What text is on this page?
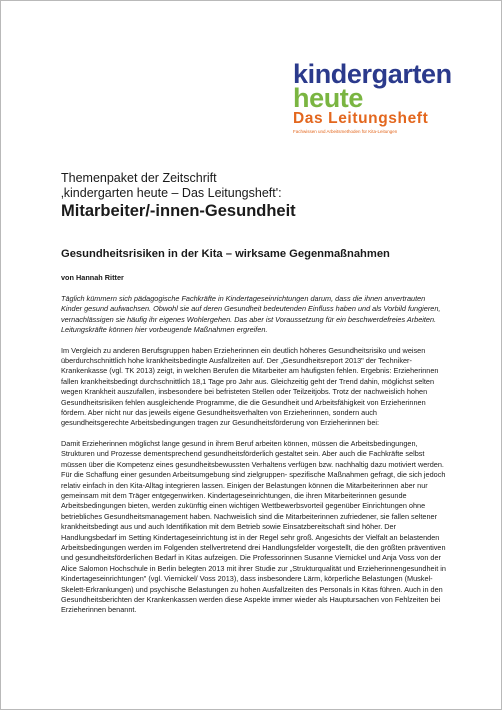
kindergarten
heute
Das Leitungsheft
Fachwissen und Arbeitsmethoden für Kita-Leitungen
Themenpaket der Zeitschrift
‚kindergarten heute – Das Leitungsheft':
Mitarbeiter/-innen-Gesundheit
Gesundheitsrisiken in der Kita – wirksame Gegenmaßnahmen
von Hannah Ritter

Täglich kümmern sich pädagogische Fachkräfte in Kindertageseinrichtungen darum, dass die ihnen anvertrauten Kinder gesund aufwachsen. Obwohl sie auf deren Gesundheit bedeutenden Einfluss haben und als Vorbild fungieren, vernachlässigen sie häufig ihr eigenes Wohlergehen. Das aber ist Voraussetzung für ein beschwerdefreies Arbeiten. Leitungskräfte können hier vorbeugende Maßnahmen ergreifen.

Im Vergleich zu anderen Berufsgruppen haben Erzieherinnen ein deutlich höheres Gesundheitsrisiko und weisen überdurchschnittlich hohe krankheitsbedingte Ausfallzeiten auf. Der „Gesundheitsreport 2013" der Techniker-Krankenkasse (vgl. TK 2013) zeigt, in welchen Berufen die Mitarbeiter am häufigsten fehlen. Ergebnis: Erzieherinnen fallen krankheitsbedingt durchschnittlich 18,1 Tage pro Jahr aus. Gleichzeitig geht der Trend dahin, möglichst selten wegen Krankheit auszufallen, insbesondere bei befristeten Stellen oder Teilzeitjobs. Trotz der nachweislich hohen Gesundheitsrisiken fehlen ausgleichende Programme, die die Gesundheit und Arbeitsfähigkeit von Erzieherinnen fördern. Aber nicht nur das jeweils eigene Gesundheitsverhalten von Erzieherinnen, sondern auch gesundheitsgerechte Arbeitsbedingungen tragen zur Gesundheitsförderung von Erzieherinnen bei:

Damit Erzieherinnen möglichst lange gesund in ihrem Beruf arbeiten können, müssen die Arbeitsbedingungen, Strukturen und Prozesse dementsprechend gesundheitsförderlich gestaltet sein. Aber auch die Fachkräfte selbst müssen über die Kompetenz eines gesundheitsbewussten Verhaltens verfügen bzw. nachhaltig dazu motiviert werden. Für die Schaffung einer gesunden Arbeitsumgebung sind zielgruppen- spezifische Maßnahmen gefragt, die sich jedoch relativ einfach in den Kita-Alltag integrieren lassen. Einigen der Belastungen können die Mitarbeiterinnen aber nur gemeinsam mit dem Träger entgegenwirken. Kindertageseinrichtungen, die ihren Mitarbeiterinnen gesunde Arbeitsbedingungen bieten, werden zukünftig einen wichtigen Wettbewerbsvorteil gegenüber Einrichtungen ohne betriebliches Gesundheitsmanagement haben. Nachweislich sind die Mitarbeiterinnen zufriedener, sie fallen seltener krankheitsbedingt aus und auch Identifikation mit dem Betrieb sowie Einsatzbereitschaft sind höher. Der Handlungsbedarf im Setting Kindertageseinrichtung ist in der Regel sehr groß. Angesichts der Vielfalt an belastenden Arbeitsbedingungen werden im Folgenden stellvertretend drei Handlungsfelder vorgestellt, die den größten präventiven und gesundheitsförderlichen Bedarf in Kitas aufzeigen. Die Professorinnen Susanne Viernickel und Anja Voss von der Alice Salomon Hochschule in Berlin belegten 2013 mit ihrer Studie zur „Strukturqualität und Erzieherinnengesundheit in Kindertageseinrichtungen" (vgl. Viernickel/ Voss 2013), dass insbesondere Lärm, körperliche Belastungen (Muskel- Skelett-Erkrankungen) und psychische Belastungen zu hohen Ausfallzeiten des Personals in Kitas führen. Auch in den Gesundheitsberichten der Krankenkassen werden diese Aspekte immer wieder als Hauptursachen von Fehlzeiten bei Erzieherinnen benannt.
